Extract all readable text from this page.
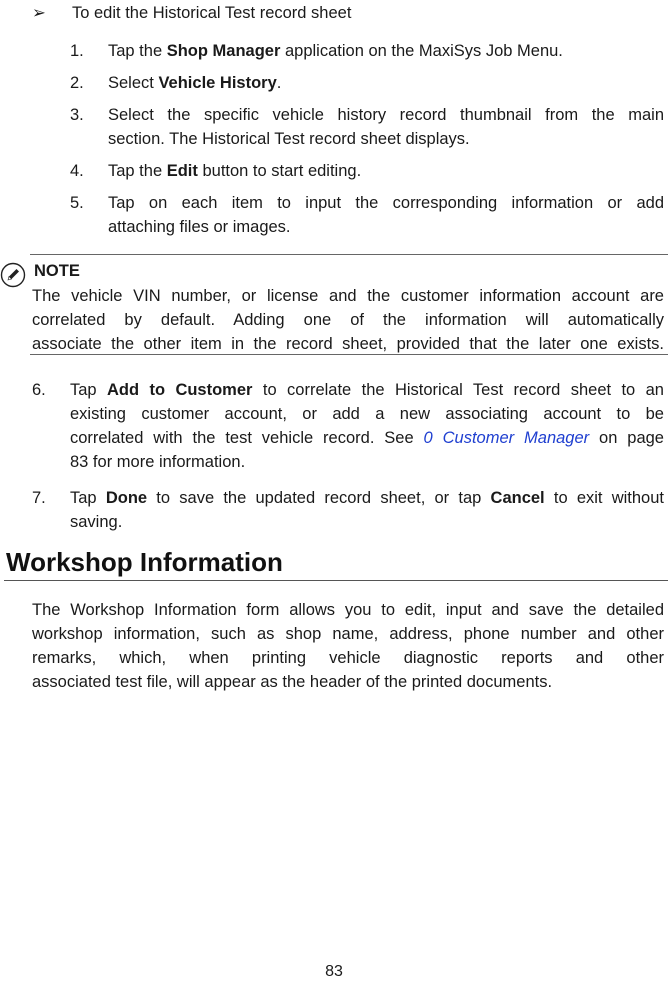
➢	To edit the Historical Test record sheet
1.	Tap the Shop Manager application on the MaxiSys Job Menu.
2.	Select Vehicle History.
3.	Select the specific vehicle history record thumbnail from the main
section. The Historical Test record sheet displays.
4.	Tap the Edit button to start editing.
5.	Tap on each item to input the corresponding information or add
attaching files or images.
NOTE
The vehicle VIN number, or license and the customer information account are
correlated by default. Adding one of the information will automatically
associate the other item in the record sheet, provided that the later one exists.
6.	Tap Add to Customer to correlate the Historical Test record sheet to an
existing customer account, or add a new associating account to be
correlated with the test vehicle record. See 0 Customer Manager on page
83 for more information.
7.	Tap Done to save the updated record sheet, or tap Cancel to exit without
saving.
Workshop Information
The Workshop Information form allows you to edit, input and save the detailed
workshop information, such as shop name, address, phone number and other
remarks, which, when printing vehicle diagnostic reports and other
associated test file, will appear as the header of the printed documents.
83
